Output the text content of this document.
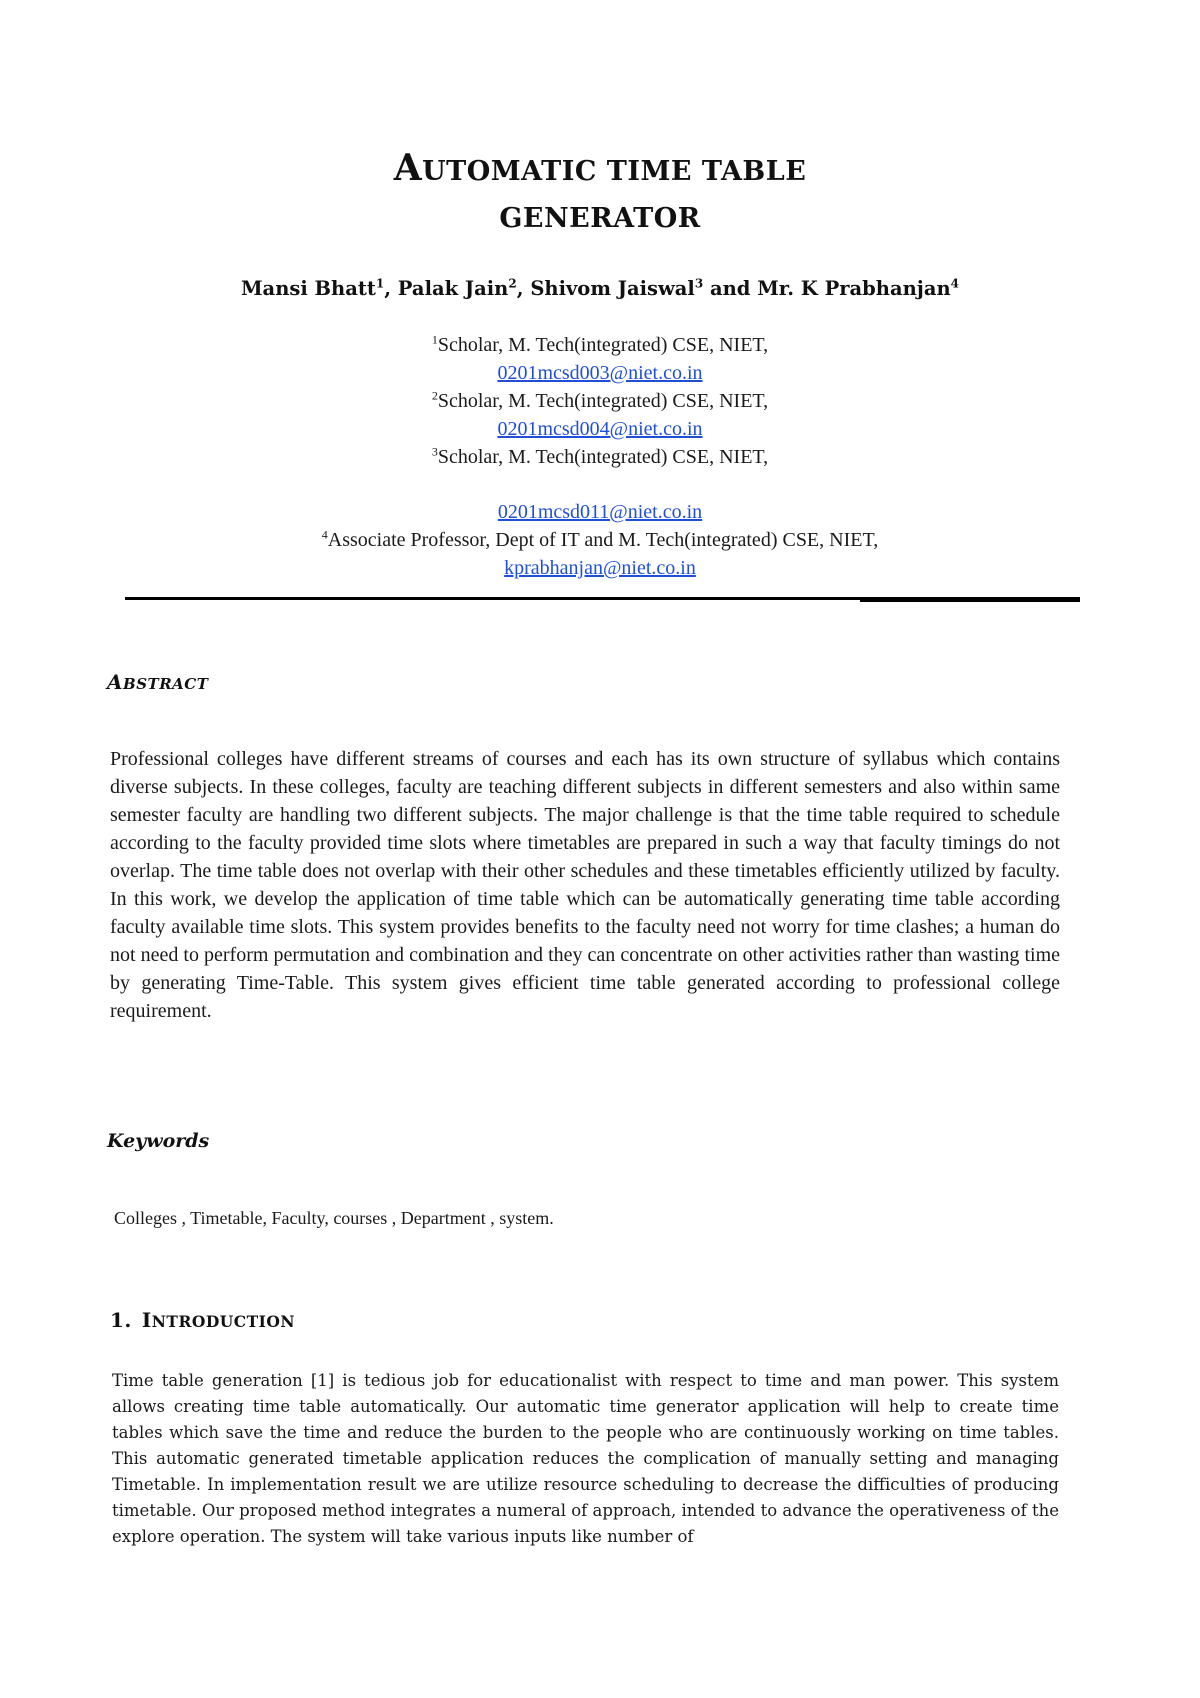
AUTOMATIC TIME TABLE
GENERATOR
Mansi Bhatt$^1$, Palak Jain$^2$, Shivom Jaiswal$^3$ and Mr. K Prabhanjan$^4$
$^1$Scholar, M. Tech(integrated) CSE, NIET,
0201mcsd003@niet.co.in
$^2$Scholar, M. Tech(integrated) CSE, NIET,
0201mcsd004@niet.co.in
$^3$Scholar, M. Tech(integrated) CSE, NIET,
0201mcsd011@niet.co.in
$^4$Associate Professor, Dept of IT and M. Tech(integrated) CSE, NIET,
kprabhanjan@niet.co.in
ABSTRACT
Professional colleges have different streams of courses and each has its own structure of syllabus which contains diverse subjects. In these colleges, faculty are teaching different subjects in different semesters and also within same semester faculty are handling two different subjects. The major challenge is that the time table required to schedule according to the faculty provided time slots where timetables are prepared in such a way that faculty timings do not overlap. The time table does not overlap with their other schedules and these timetables efficiently utilized by faculty. In this work, we develop the application of time table which can be automatically generating time table according faculty available time slots. This system provides benefits to the faculty need not worry for time clashes; a human do not need to perform permutation and combination and they can concentrate on other activities rather than wasting time by generating Time-Table. This system gives efficient time table generated according to professional college requirement.
Keywords
Colleges , Timetable, Faculty, courses , Department , system.
1. INTRODUCTION
Time table generation [1] is tedious job for educationalist with respect to time and man power. This system allows creating time table automatically. Our automatic time generator application will help to create time tables which save the time and reduce the burden to the people who are continuously working on time tables. This automatic generated timetable application reduces the complication of manually setting and managing Timetable. In implementation result we are utilize resource scheduling to decrease the difficulties of producing timetable. Our proposed method integrates a numeral of approach, intended to advance the operativeness of the explore operation. The system will take various inputs like number of
